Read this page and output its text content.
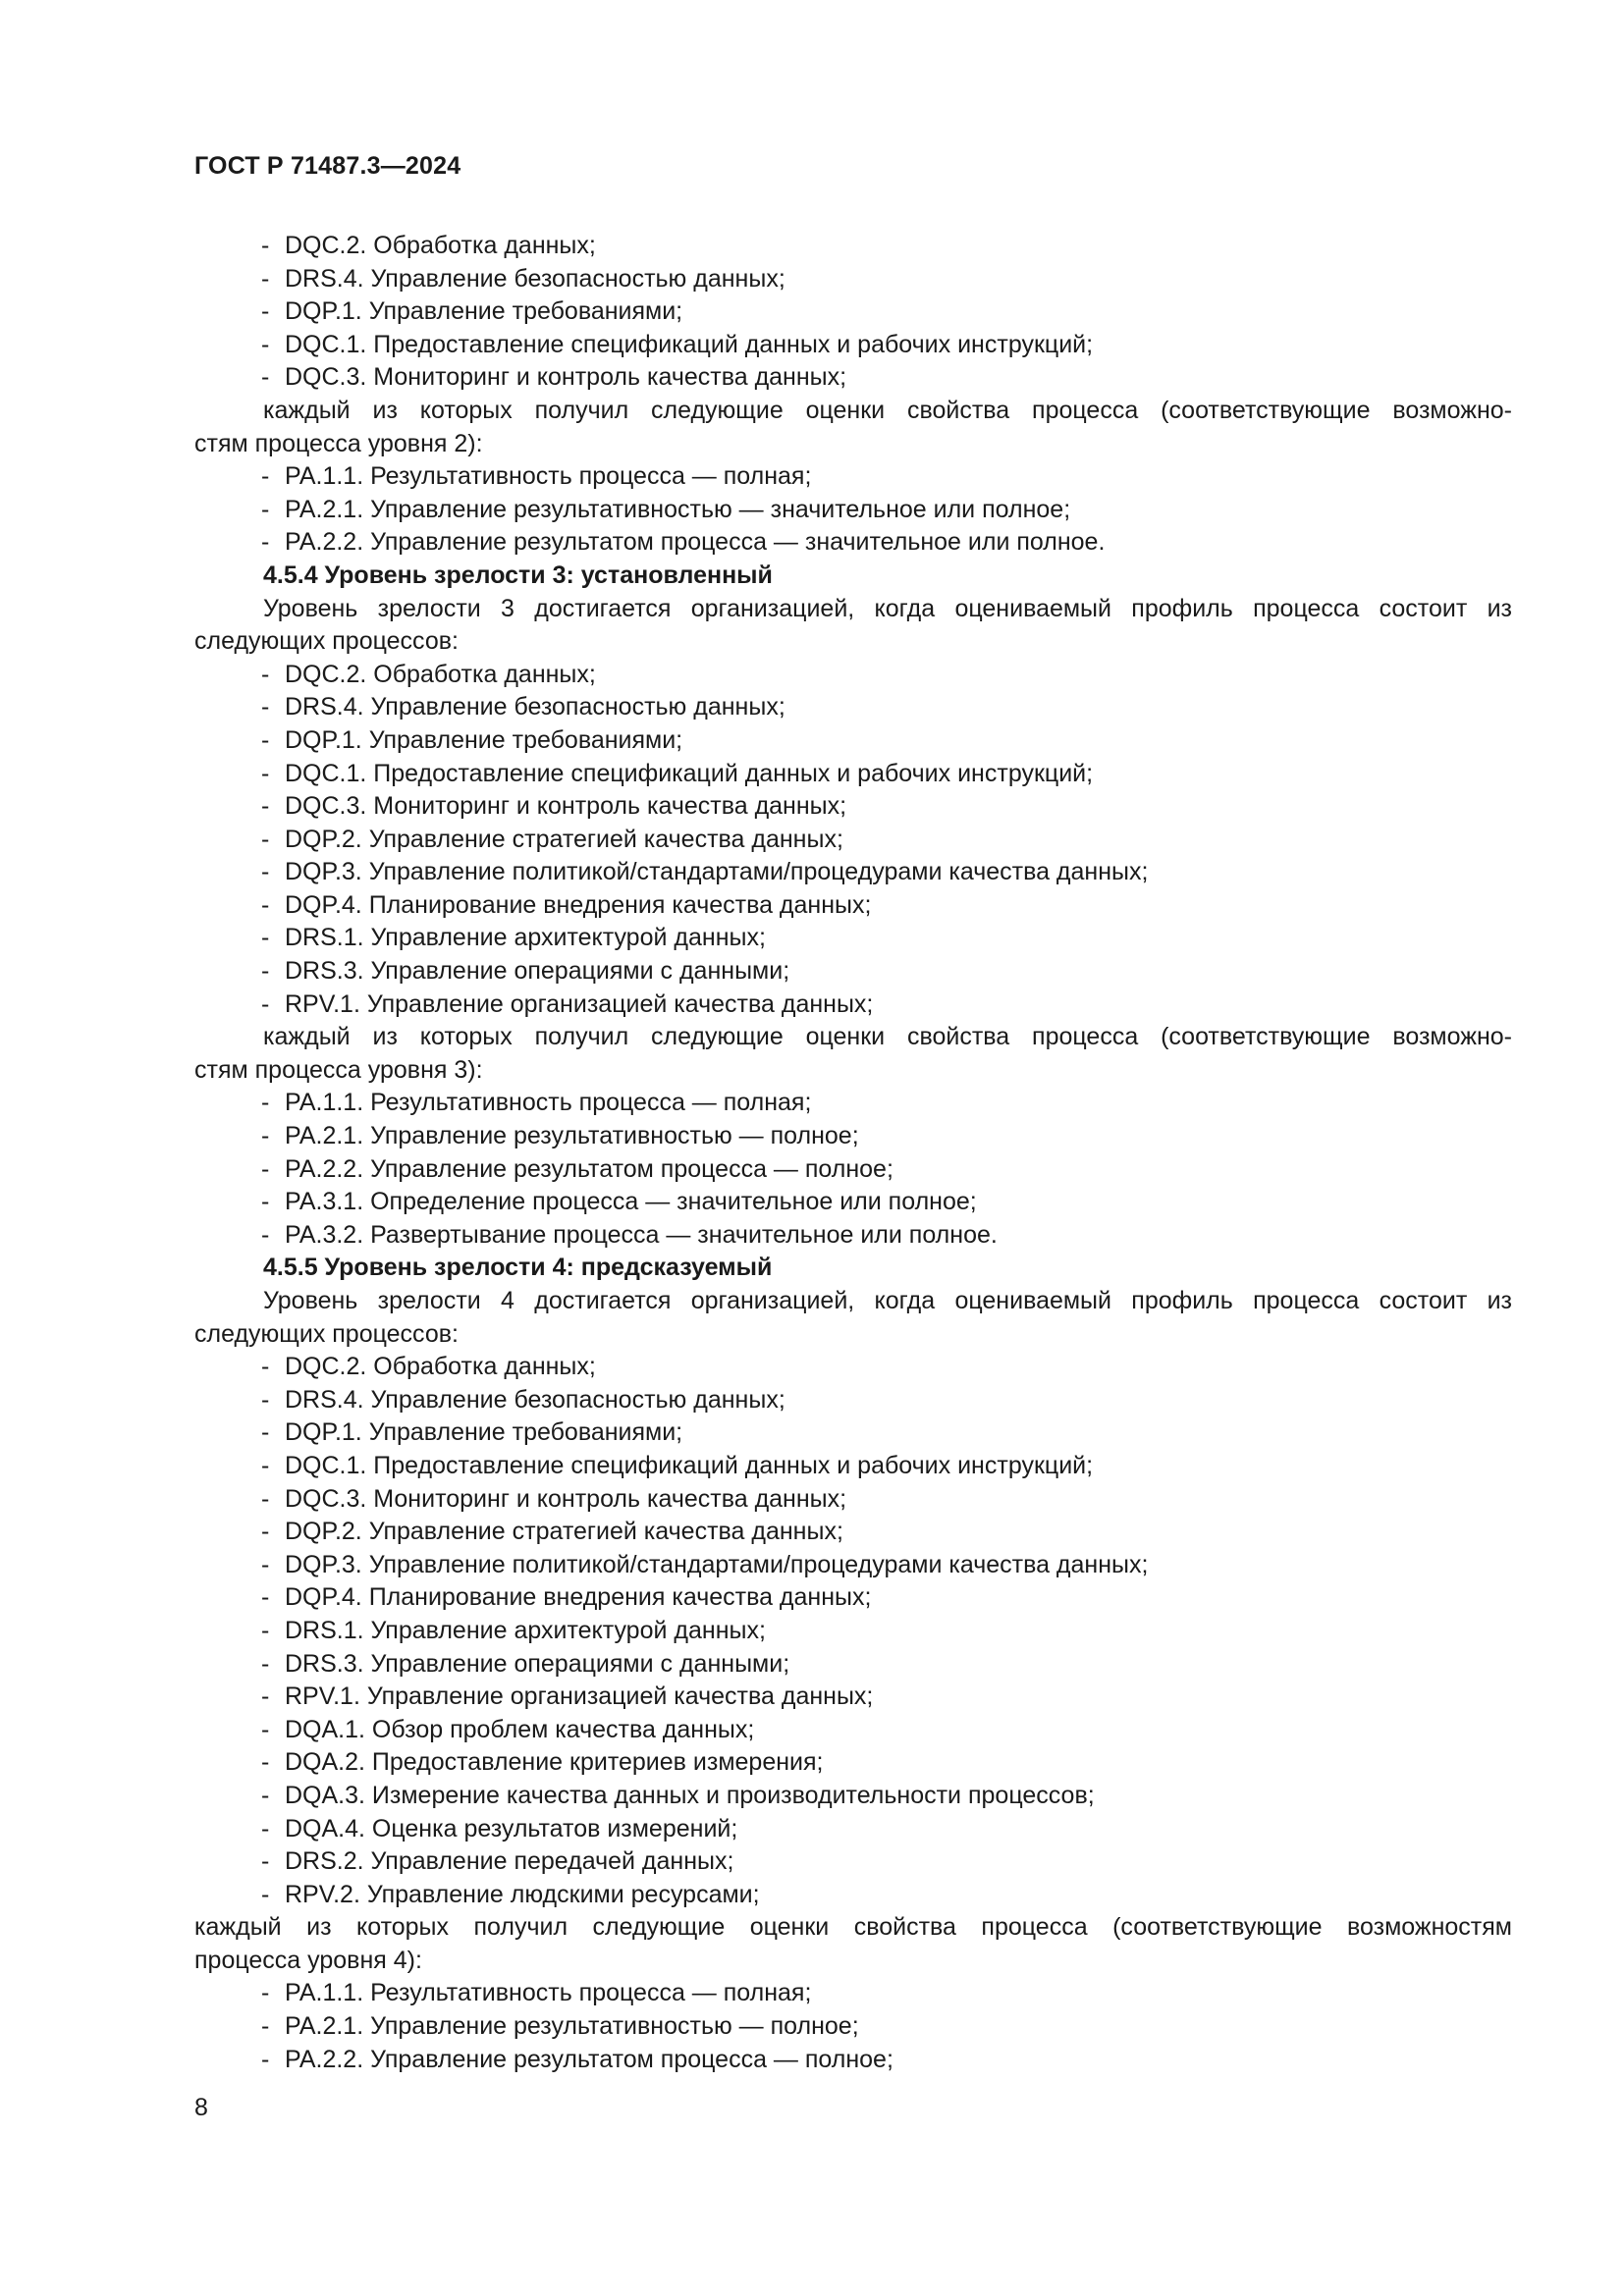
ГОСТ Р 71487.3—2024
- DQC.2. Обработка данных;
- DRS.4. Управление безопасностью данных;
- DQP.1. Управление требованиями;
- DQC.1. Предоставление спецификаций данных и рабочих инструкций;
- DQC.3. Мониторинг и контроль качества данных;
каждый из которых получил следующие оценки свойства процесса (соответствующие возможно-
стям процесса уровня 2):
- PA.1.1. Результативность процесса — полная;
- PA.2.1. Управление результативностью — значительное или полное;
- PA.2.2. Управление результатом процесса — значительное или полное.
4.5.4 Уровень зрелости 3: установленный
Уровень зрелости 3 достигается организацией, когда оцениваемый профиль процесса состоит из
следующих процессов:
- DQC.2. Обработка данных;
- DRS.4. Управление безопасностью данных;
- DQP.1. Управление требованиями;
- DQC.1. Предоставление спецификаций данных и рабочих инструкций;
- DQC.3. Мониторинг и контроль качества данных;
- DQP.2. Управление стратегией качества данных;
- DQP.3. Управление политикой/стандартами/процедурами качества данных;
- DQP.4. Планирование внедрения качества данных;
- DRS.1. Управление архитектурой данных;
- DRS.3. Управление операциями с данными;
- RPV.1. Управление организацией качества данных;
каждый из которых получил следующие оценки свойства процесса (соответствующие возможно-
стям процесса уровня 3):
- PA.1.1. Результативность процесса — полная;
- PA.2.1. Управление результативностью — полное;
- PA.2.2. Управление результатом процесса — полное;
- PA.3.1. Определение процесса — значительное или полное;
- PA.3.2. Развертывание процесса — значительное или полное.
4.5.5 Уровень зрелости 4: предсказуемый
Уровень зрелости 4 достигается организацией, когда оцениваемый профиль процесса состоит из
следующих процессов:
- DQC.2. Обработка данных;
- DRS.4. Управление безопасностью данных;
- DQP.1. Управление требованиями;
- DQC.1. Предоставление спецификаций данных и рабочих инструкций;
- DQC.3. Мониторинг и контроль качества данных;
- DQP.2. Управление стратегией качества данных;
- DQP.3. Управление политикой/стандартами/процедурами качества данных;
- DQP.4. Планирование внедрения качества данных;
- DRS.1. Управление архитектурой данных;
- DRS.3. Управление операциями с данными;
- RPV.1. Управление организацией качества данных;
- DQA.1. Обзор проблем качества данных;
- DQA.2. Предоставление критериев измерения;
- DQA.3. Измерение качества данных и производительности процессов;
- DQA.4. Оценка результатов измерений;
- DRS.2. Управление передачей данных;
- RPV.2. Управление людскими ресурсами;
каждый из которых получил следующие оценки свойства процесса (соответствующие возможностям
процесса уровня 4):
- PA.1.1. Результативность процесса — полная;
- PA.2.1. Управление результативностью — полное;
- PA.2.2. Управление результатом процесса — полное;
8
